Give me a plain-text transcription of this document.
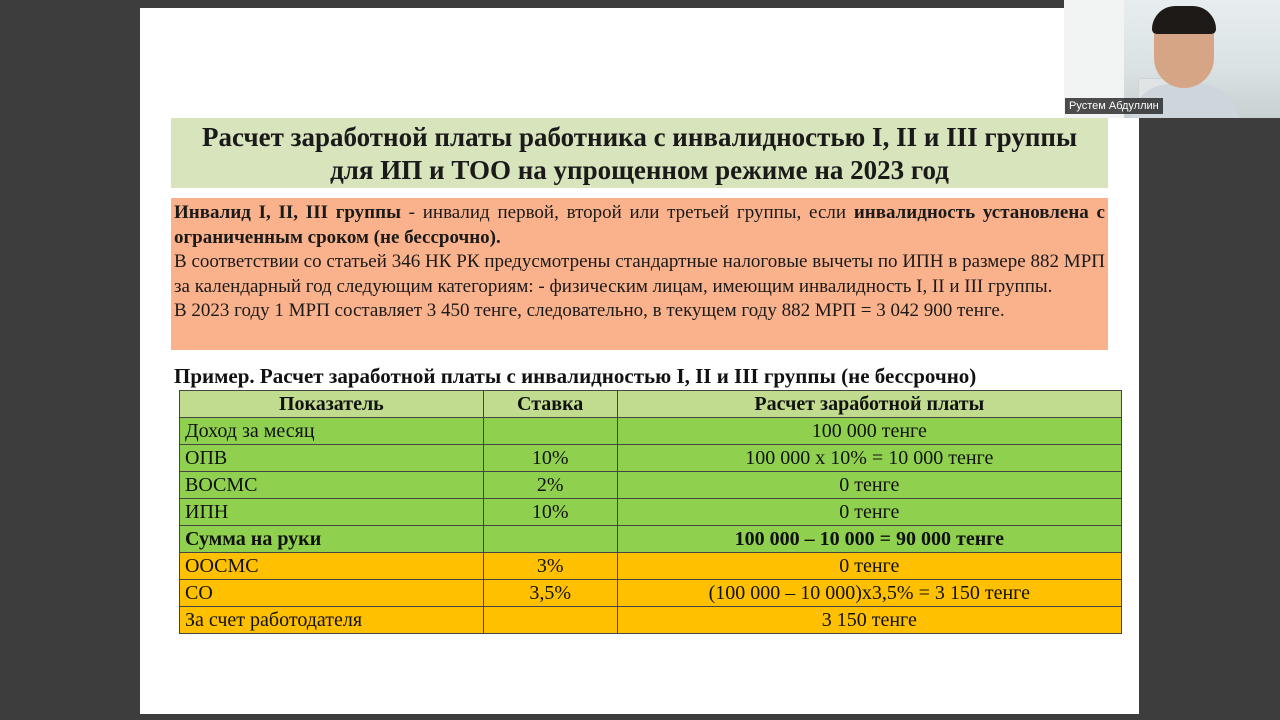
Расчет заработной платы работника с инвалидностью I, II и III группы
для ИП и ТОО на упрощенном режиме на 2023 год

Инвалид I, II, III группы - инвалид первой, второй или третьей группы, если инвалидность установлена с ограниченным сроком (не бессрочно).

В соответствии со статьей 346 НК РК предусмотрены стандартные налоговые вычеты по ИПН в размере 882 МРП за календарный год следующим категориям: - физическим лицам, имеющим инвалидность I, II и III группы.

В 2023 году 1 МРП составляет 3 450 тенге, следовательно, в текущем году 882 МРП = 3 042 900 тенге.

Пример. Расчет заработной платы с инвалидностью I, II и III группы (не бессрочно)
Показатель	Ставка	Расчет заработной платы
Доход за месяц		100 000 тенге
ОПВ	10%	100 000 х 10% = 10 000 тенге
ВОСМС	2%	0 тенге
ИПН	10%	0 тенге
Сумма на руки		100 000 – 10 000 = 90 000 тенге
ООСМС	3%	0 тенге
СО	3,5%	(100 000 – 10 000)х3,5% = 3 150 тенге
За счет работодателя		3 150 тенге
Рустем Абдуллин
